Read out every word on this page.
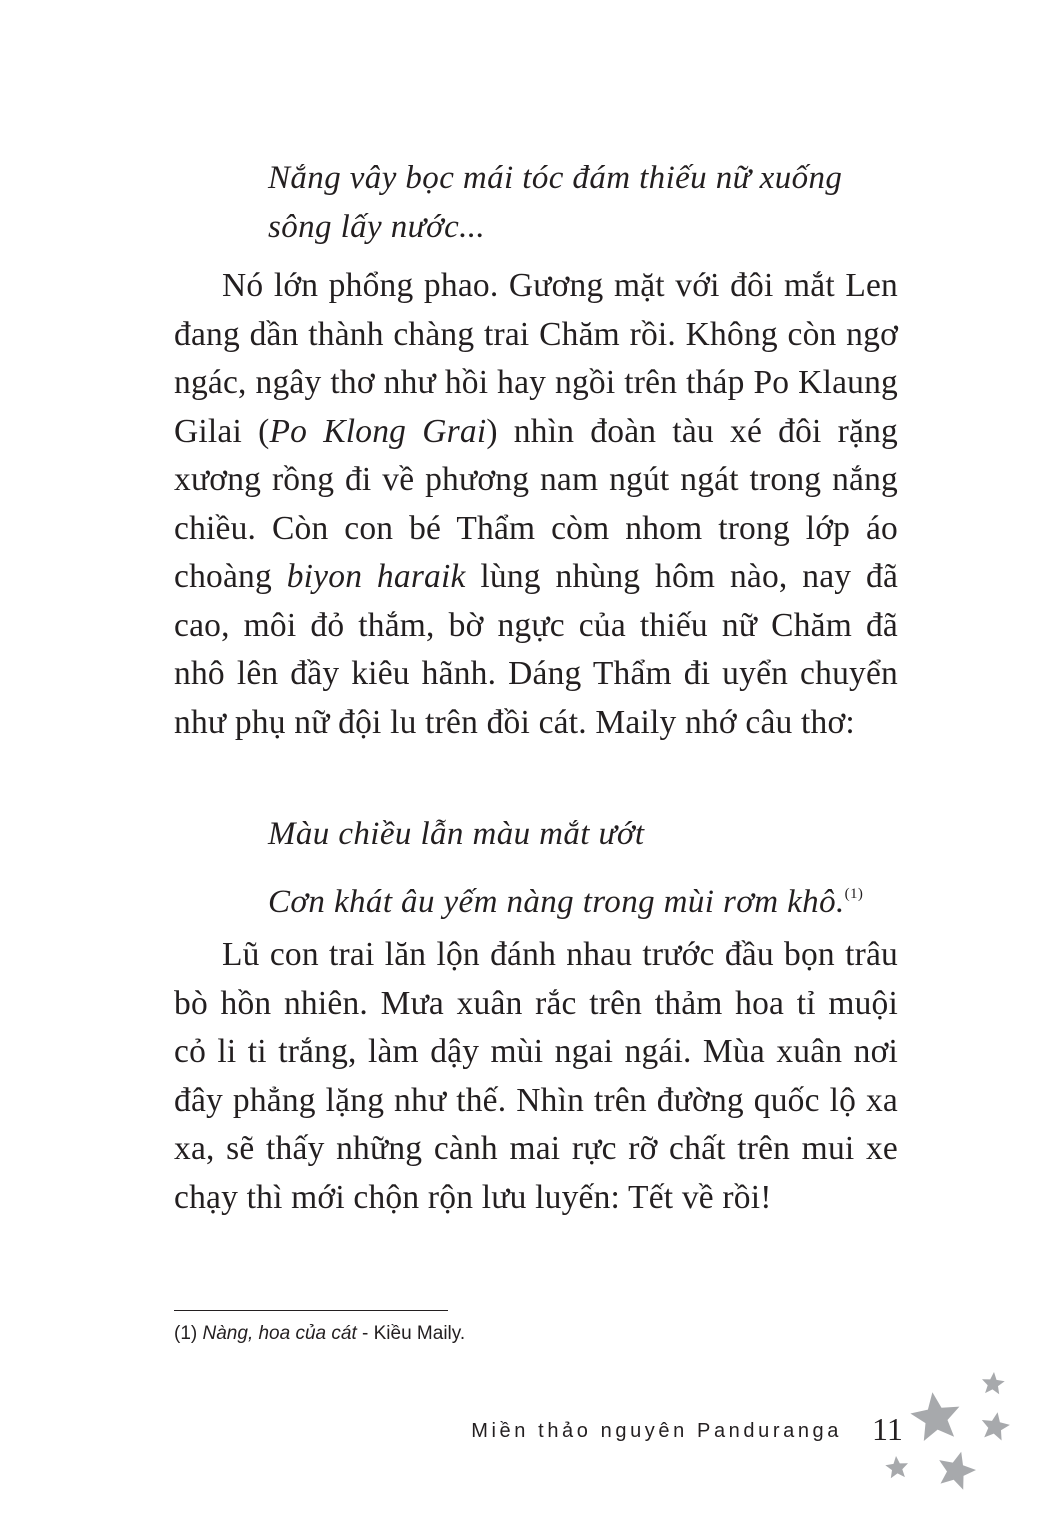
Nắng vây bọc mái tóc đám thiếu nữ xuống
sông lấy nước...

Nó lớn phổng phao. Gương mặt với đôi mắt Len đang dần thành chàng trai Chăm rồi. Không còn ngơ ngác, ngây thơ như hồi hay ngồi trên tháp Po Klaung Gilai (Po Klong Grai) nhìn đoàn tàu xé đôi rặng xương rồng đi về phương nam ngút ngát trong nắng chiều. Còn con bé Thẩm còm nhom trong lớp áo choàng biyon haraik lùng nhùng hôm nào, nay đã cao, môi đỏ thắm, bờ ngực của thiếu nữ Chăm đã nhô lên đầy kiêu hãnh. Dáng Thẩm đi uyển chuyển như phụ nữ đội lu trên đồi cát. Maily nhớ câu thơ:

Màu chiều lẫn màu mắt ướt
Cơn khát âu yếm nàng trong mùi rơm khô.$^{(1)}$

Lũ con trai lăn lộn đánh nhau trước đầu bọn trâu bò hồn nhiên. Mưa xuân rắc trên thảm hoa tỉ muội cỏ li ti trắng, làm dậy mùi ngai ngái. Mùa xuân nơi đây phẳng lặng như thế. Nhìn trên đường quốc lộ xa xa, sẽ thấy những cành mai rực rỡ chất trên mui xe chạy thì mới chộn rộn lưu luyến: Tết về rồi!

(1) Nàng, hoa của cát - Kiều Maily.
Miền thảo nguyên Panduranga 11
